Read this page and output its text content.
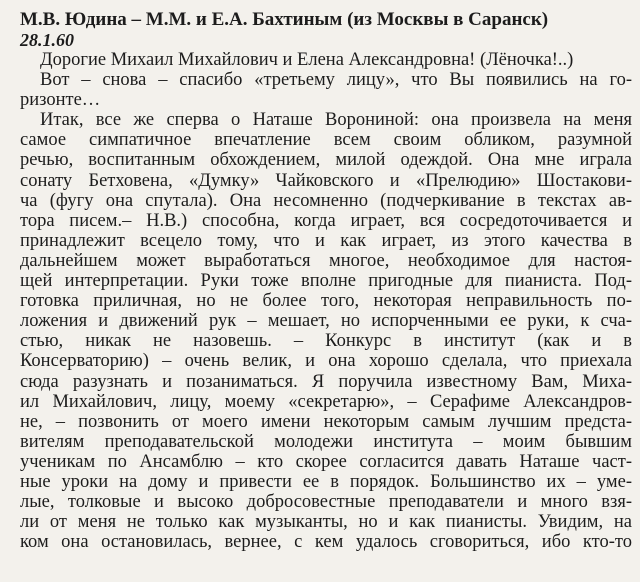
М.В. Юдина – М.М. и Е.А. Бахтиным (из Москвы в Саранск)

28.1.60

Дорогие Михаил Михайлович и Елена Александровна! (Лёночка!..)
Вот – снова – спасибо «третьему лицу», что Вы появились на го-
ризонте…
Итак, все же сперва о Наташе Ворониной: она произвела на меня
самое симпатичное впечатление всем своим обликом, разумной
речью, воспитанным обхождением, милой одеждой. Она мне играла
сонату Бетховена, «Думку» Чайковского и «Прелюдию» Шостакови-
ча (фугу она спутала). Она несомненно (подчеркивание в текстах ав-
тора писем.– Н.В.) способна, когда играет, вся сосредоточивается и
принадлежит всецело тому, что и как играет, из этого качества в
дальнейшем может выработаться многое, необходимое для настоя-
щей интерпретации. Руки тоже вполне пригодные для пианиста. Под-
готовка приличная, но не более того, некоторая неправильность по-
ложения и движений рук – мешает, но испорченными ее руки, к сча-
стью, никак не назовешь. – Конкурс в институт (как и в
Консерваторию) – очень велик, и она хорошо сделала, что приехала
сюда разузнать и позаниматься. Я поручила известному Вам, Миха-
ил Михайлович, лицу, моему «секретарю», – Серафиме Александров-
не, – позвонить от моего имени некоторым самым лучшим предста-
вителям преподавательской молодежи института – моим бывшим
ученикам по Ансамблю – кто скорее согласится давать Наташе част-
ные уроки на дому и привести ее в порядок. Большинство их – уме-
лые, толковые и высоко добросовестные преподаватели и много взя-
ли от меня не только как музыканты, но и как пианисты. Увидим, на
ком она остановилась, вернее, с кем удалось сговориться, ибо кто-то
